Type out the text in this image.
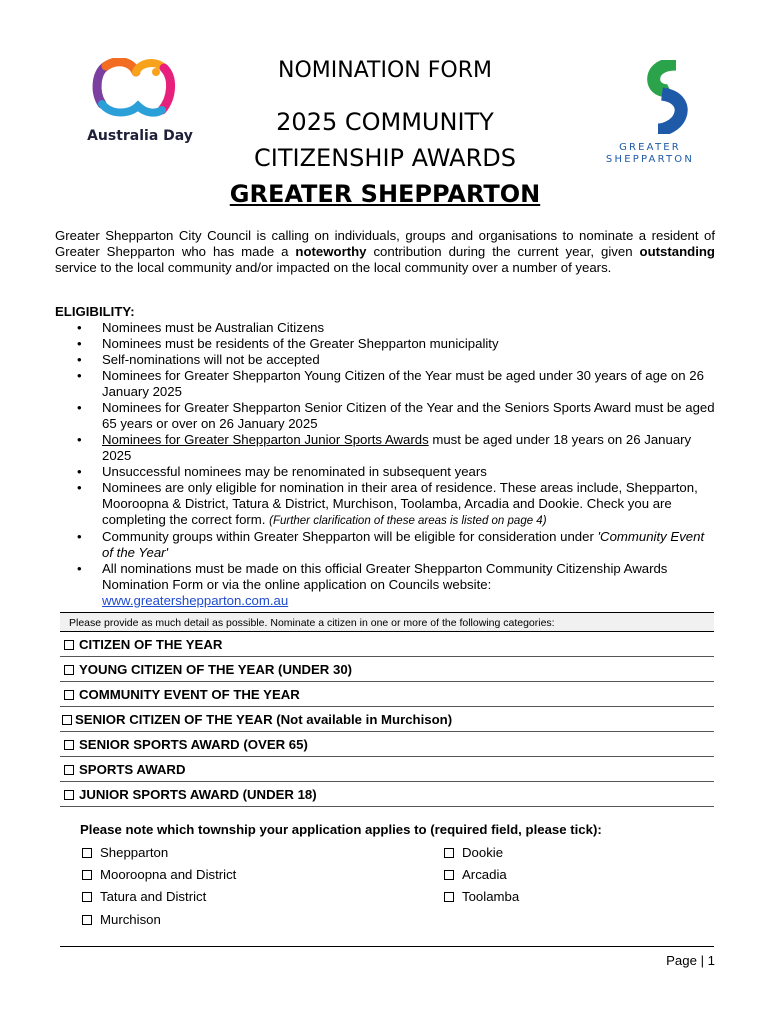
Australia Day
GREATER
SHEPPARTON
NOMINATION FORM
2025 COMMUNITY
CITIZENSHIP AWARDS
GREATER SHEPPARTON
Greater Shepparton City Council is calling on individuals, groups and organisations to nominate a resident of Greater Shepparton who has made a noteworthy contribution during the current year, given outstanding service to the local community and/or impacted on the local community over a number of years.
ELIGIBILITY:
• Nominees must be Australian Citizens
• Nominees must be residents of the Greater Shepparton municipality
• Self-nominations will not be accepted
• Nominees for Greater Shepparton Young Citizen of the Year must be aged under 30 years of age on 26 January 2025
• Nominees for Greater Shepparton Senior Citizen of the Year and the Seniors Sports Award must be aged 65 years or over on 26 January 2025
• Nominees for Greater Shepparton Junior Sports Awards must be aged under 18 years on 26 January 2025
• Unsuccessful nominees may be renominated in subsequent years
• Nominees are only eligible for nomination in their area of residence. These areas include, Shepparton, Mooroopna & District, Tatura & District, Murchison, Toolamba, Arcadia and Dookie. Check you are completing the correct form. (Further clarification of these areas is listed on page 4)
• Community groups within Greater Shepparton will be eligible for consideration under 'Community Event of the Year'
• All nominations must be made on this official Greater Shepparton Community Citizenship Awards Nomination Form or via the online application on Councils website:
www.greatershepparton.com.au
Please provide as much detail as possible. Nominate a citizen in one or more of the following categories:
CITIZEN OF THE YEAR
YOUNG CITIZEN OF THE YEAR (UNDER 30)
COMMUNITY EVENT OF THE YEAR
SENIOR CITIZEN OF THE YEAR (Not available in Murchison)
SENIOR SPORTS AWARD (OVER 65)
SPORTS AWARD
JUNIOR SPORTS AWARD (UNDER 18)
Please note which township your application applies to (required field, please tick):
Shepparton
Mooroopna and District
Tatura and District
Murchison
Dookie
Arcadia
Toolamba
Page | 1
